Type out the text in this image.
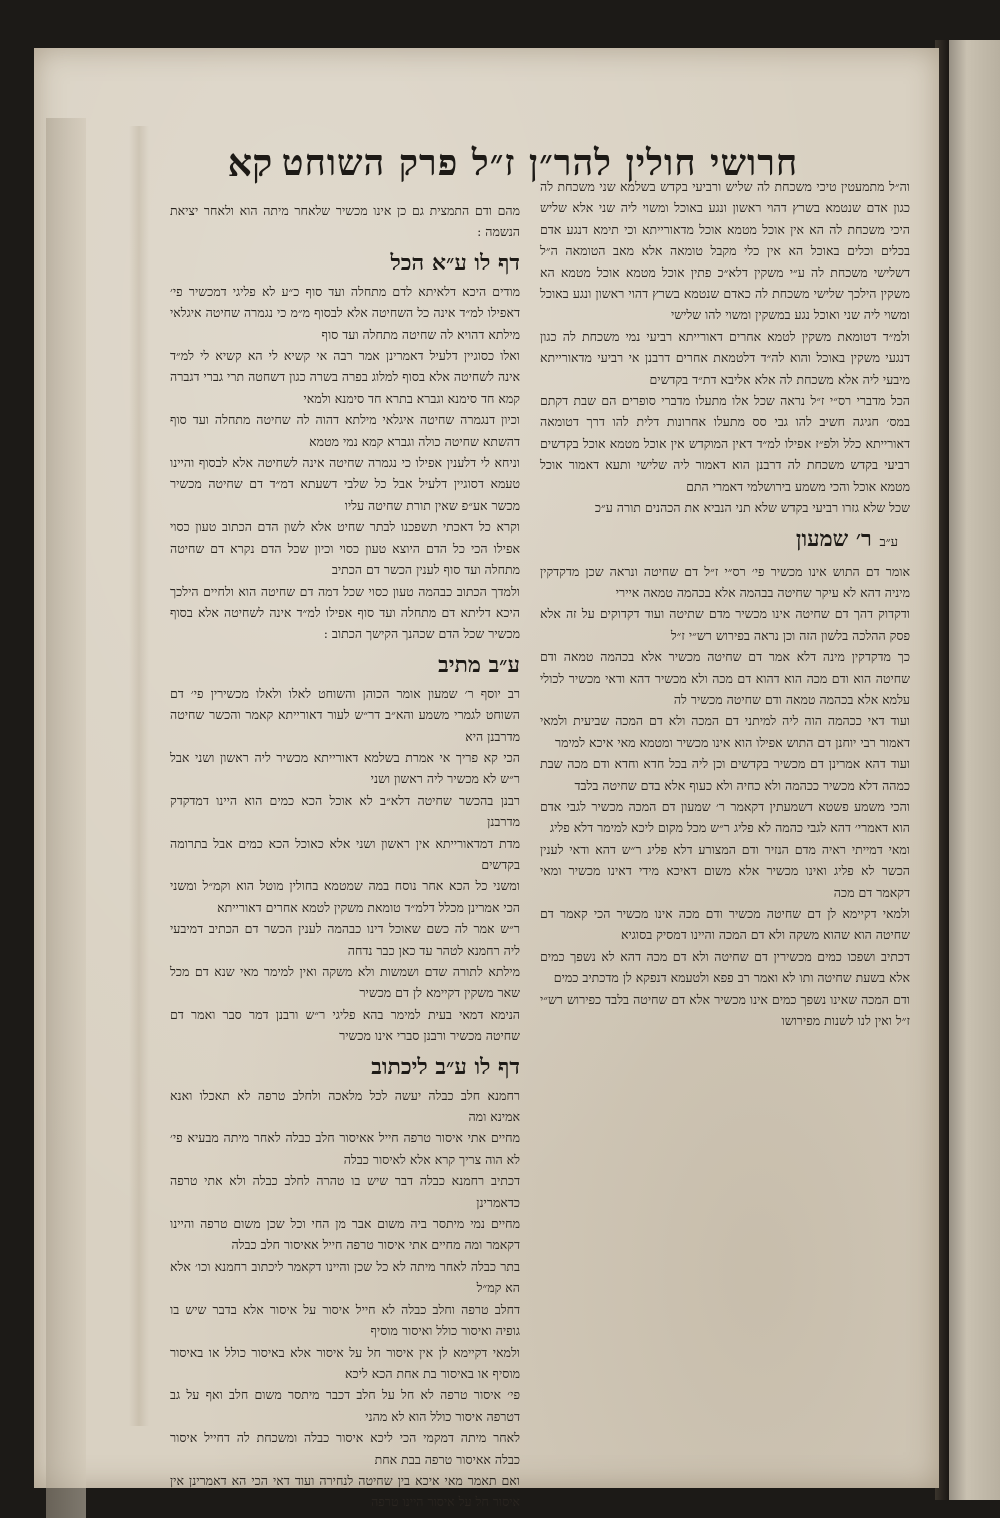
קא חרושי חולין להר״ן ז״ל פרק השוחט

וה״ל מתמעטין טיכי משכחת לה שליש ורביעי בקדש בשלמא שני משכחת לה כגון אדם שנטמא בשרץ דהוי ראשון ונגע באוכל ומשוי ליה שני אלא שליש היכי משכחת לה הא אין אוכל מטמא אוכל מדאורייתא וכי תימא דנגע אדם בכלים וכלים באוכל הא אין כלי מקבל טומאה אלא מאב הטומאה ה״ל דשלישי משכחת לה ע״י משקין דלא״כ פתין אוכל מטמא אוכל מטמא הא משקין הילכך שלישי משכחת לה כאדם שנטמא בשרץ דהוי ראשון ונגע באוכל ומשוי ליה שני ואוכל נגע במשקין ומשוי להו שלישי

ולמ״ד דטומאת משקין לטמא אחרים דאורייתא רביעי נמי משכחת לה כגון דנגעי משקין באוכל והוא לה״ד דלטמאת אחרים דרבנן אי רביעי מדאורייתא מיבעי ליה אלא משכחת לה אלא אליבא דת״ד בקדשים

הכל מדברי רס״י ז״ל נראה שכל אלו מתעלו מדברי סופרים הם שבת דקתם במס׳ חגיגה חשיב להו גבי סס מתעלו אחרונות דלית להו דרך דטומאה דאורייתא כלל ולפ״ז אפילו למ״ד דאין המוקדש אין אוכל מטמא אוכל בקדשים רביעי בקדש משכחת לה דרבנן הוא דאמור ליה שלישי ותעא דאמור אוכל מטמא אוכל והכי משמע בירושלמי דאמרי התם

שכל שלא גזרו רביעי בקדש שלא תני הנביא את הכהנים תורה ע״כ

ע״ב ר׳ שמעון

אומר דם התוש אינו מכשיר פי׳ רס״י ז״ל דם שחיטה ונראה שכן מדקדקין מיניה דהא לא עיקר שחיטה בבהמה אלא בכהמה טמאה איירי

ודקדוק דהך דם שחיטה אינו מכשיר מדם שתיטה ועוד דקדוקים על זה אלא פסק ההלכה בלשון הזה וכן נראה בפירוש רש״י ז״ל

כך מדקדקין מינה דלא אמר דם שחיטה מכשיר אלא בכהמה טמאה ודם שחיטה הוא ודם מכה הוא דהוא דם מכה ולא מכשיר דהא ודאי מכשיר לכולי עלמא אלא בכהמה טמאה ודם שחיטה מכשיר לה

ועוד דאי ככהמה הוה ליה למיתני דם המכה ולא דם המכה שביעית ולמאי דאמור רבי יוחנן דם התוש אפילו הוא אינו מכשיר ומטמא מאי איכא למימר

ועוד דהא אמרינן דם מכשיר בקדשים וכן ליה בכל חדא וחדא ודם מכה שבת כמהה דלא מכשיר ככהמה ולא כחיה ולא כעוף אלא בדם שחיטה בלבד

והכי משמע פשטא דשמעתין דקאמר ר׳ שמעון דם המכה מכשיר לגבי אדם הוא דאמרי׳ דהא לגבי כהמה לא פליג ר״ש מכל מקום ליכא למימר דלא פליג

ומאי דמייתי ראיה מדם הנזיר ודם המצורע דלא פליג ר״ש דהא ודאי לענין הכשר לא פליג ואינו מכשיר אלא משום דאיכא מידי דאינו מכשיר ומאי דקאמר דם מכה

ולמאי דקיימא לן דם שחיטה מכשיר ודם מכה אינו מכשיר הכי קאמר דם שחיטה הוא שהוא משקה ולא דם המכה והיינו דמסיק בסוגיא

דכתיב ושפכו כמים מכשירין דם שחיטה ולא דם מכה דהא לא נשפך כמים אלא בשעת שחיטה ותו לא ואמר רב פפא ולטעמא דנפקא לן מדכתיב כמים

ודם המכה שאינו נשפך כמים אינו מכשיר אלא דם שחיטה בלבד כפירוש רש״י ז״ל ואין לנו לשנות מפירושו

מהם ודם התמצית גם כן אינו מכשיר שלאחר מיתה הוא ולאחר יציאת הנשמה :

דף לו ע״א הכל

מודים היכא דלאיתא לדם מתחלה ועד סוף כ״ע לא פליגי דמכשיר פי׳ דאפילו למ״ד אינה כל השחיטה אלא לבסוף מ״מ כי נגמרה שחיטה איגלאי מילתא דהויא לה שחיטה מתחלה ועד סוף

ואלו כסוגיין דלעיל דאמרינן אמר רבה אי קשיא לי הא קשיא לי למ״ד אינה לשחיטה אלא בסוף למלוג בפרה בשרה כגון דשחטה תרי גברי דגברה קמא חד סימנא וגברא בתרא חד סימנא ולמאי

וכיון דנגמרה שחיטה איגלאי מילתא דהוה לה שחיטה מתחלה ועד סוף דהשתא שחיטה כולה וגברא קמא נמי מטמא

וניחא לי דלענין אפילו כי נגמרה שחיטה אינה לשחיטה אלא לבסוף והיינו טעמא דסוגיין דלעיל אבל כל שלבי דשעתא דמ״ד דם שחיטה מכשיר מכשר אע״פ שאין תורת שחיטה עליו

וקרא כל דאכתי תשפכנו לבתר שחיט אלא לשון הדם הכתוב טעון כסוי אפילו הכי כל הדם היוצא טעון כסוי וכיון שכל הדם נקרא דם שחיטה מתחלה ועד סוף לענין הכשר דם הכתיב

ולמדך הכתוב כבהמה טעון כסוי שכל דמה דם שחיטה הוא ולחיים הילכך היכא דליתא דם מתחלה ועד סוף אפילו למ״ד אינה לשחיטה אלא בסוף מכשיר שכל הדם שכהנך הקישך הכתוב :

ע״ב מתיב

רב יוסף ר׳ שמעון אומר הכוהן והשוחט לאלו ולאלו מכשירין פי׳ דם השוחט לגמרי משמע והא״ב דר״ש לעור דאורייתא קאמר והכשר שחיטה מדרבנן היא

הכי קא פריך אי אמרת בשלמא דאורייתא מכשיר ליה ראשון ושני אבל ר״ש לא מכשיר ליה ראשון ושני

רבנן בהכשר שחיטה דלא״ב לא אוכל הכא כמים הוא היינו דמדקדק מדרבנן

מדת דמדאורייתא אין ראשון ושני אלא כאוכל הכא כמים אבל בתרומה בקדשים

ומשני כל הכא אחר נוסח במה שמטמא בחולין מוטל הוא וקמ״ל ומשני הכי אמרינן מכלל דלמ״ד טומאת משקין לטמא אחרים דאורייתא

ר״ש אמר לה כשם שאוכל דינו כבהמה לענין הכשר דם הכתיב דמיבעי ליה רחמנא לטהר עד כאן כבר נדחה

מילתא לתורה שדם ושמשות ולא משקה ואין למימר מאי שנא דם מכל שאר משקין דקיימא לן דם מכשיר

הנימא דמאי בעית למימר בהא פליגי ר״ש ורבנן דמר סבר ואמר דם שחיטה מכשיר ורבנן סברי אינו מכשיר

דף לו ע״ב ליכתוב

רחמנא חלב כבלה יעשה לכל מלאכה ולחלב טרפה לא תאכלו ואנא אמינא ומה

מחיים אתי איסור טרפה חייל אאיסור חלב כבלה לאחר מיתה מבעיא פי׳ לא הוה צריך קרא אלא לאיסור כבלה

דכתיב רחמנא כבלה דבר שיש בו טהרה לחלב כבלה ולא אתי טרפה כדאמרינן

מחיים נמי מיתסר ביה משום אבר מן החי וכל שכן משום טרפה והיינו דקאמר ומה מחיים אתי איסור טרפה חייל אאיסור חלב כבלה

בתר כבלה לאחר מיתה לא כל שכן והיינו דקאמר ליכתוב רחמנא וכו׳ אלא הא קמ״ל

דחלב טרפה וחלב כבלה לא חייל איסור על איסור אלא בדבר שיש בו גופיה ואיסור כולל ואיסור מוסיף

ולמאי דקיימא לן אין איסור חל על איסור אלא באיסור כולל או באיסור מוסיף או באיסור בת אחת הכא ליכא

פי׳ איסור טרפה לא חל על חלב דכבר מיתסר משום חלב ואף על גב דטרפה איסור כולל הוא לא מהני

לאחר מיתה דמקמי הכי ליכא איסור כבלה ומשכחת לה דחייל איסור כבלה אאיסור טרפה בבת אחת

ואם תאמר מאי איכא בין שחיטה לנחירה ועוד דאי הכי הא דאמרינן אין איסור חל על איסור היינו טרפה
